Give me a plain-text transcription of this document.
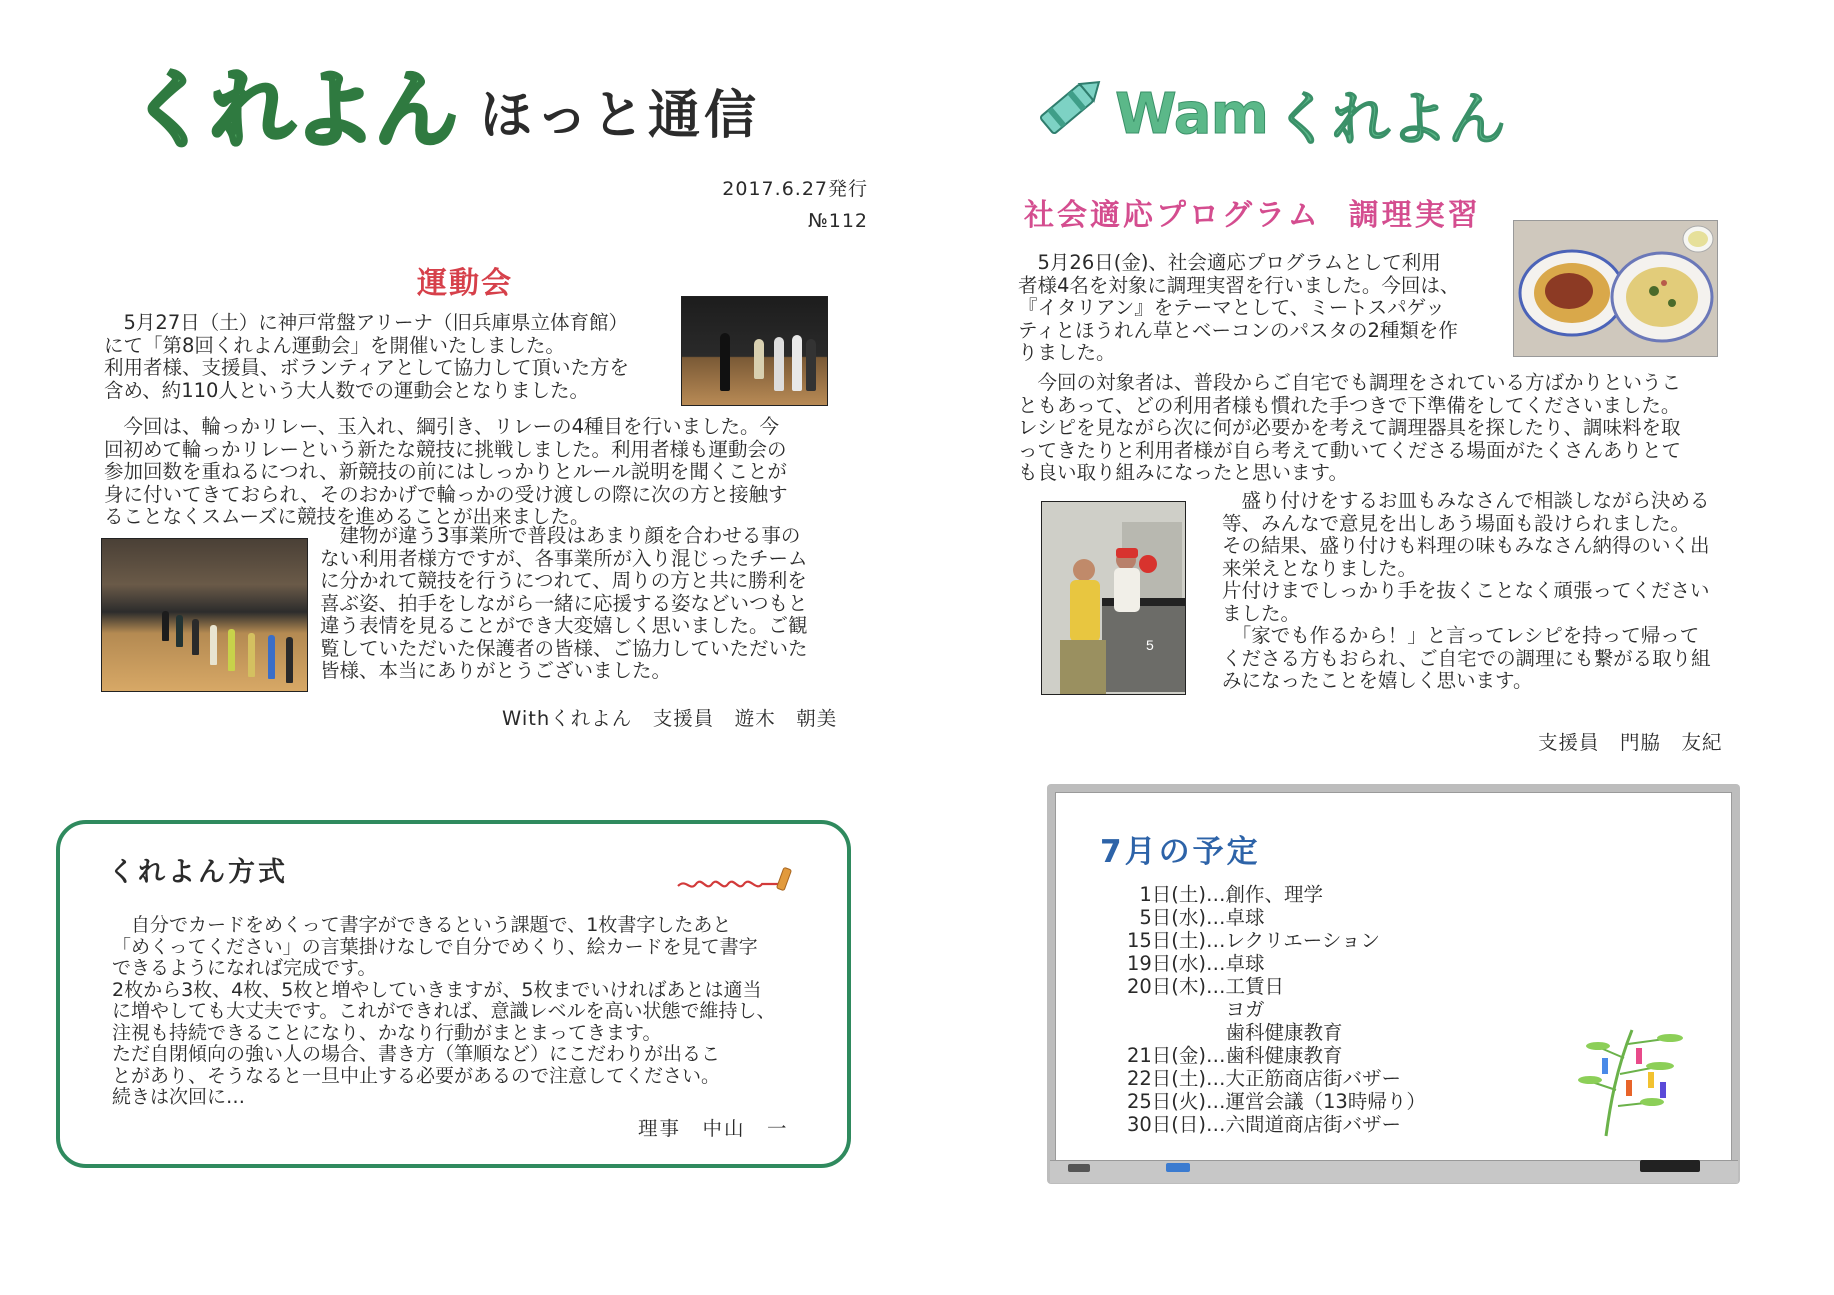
くれよん ほっと通信
2017.6.27発行
№112
運動会
　5月27日（土）に神戸常盤アリーナ（旧兵庫県立体育館）
にて「第8回くれよん運動会」を開催いたしました。
利用者様、支援員、ボランティアとして協力して頂いた方を
含め、約110人という大人数での運動会となりました。
　今回は、輪っかリレー、玉入れ、綱引き、リレーの4種目を行いました。今
回初めて輪っかリレーという新たな競技に挑戦しました。利用者様も運動会の
参加回数を重ねるにつれ、新競技の前にはしっかりとルール説明を聞くことが
身に付いてきておられ、そのおかげで輪っかの受け渡しの際に次の方と接触す
ることなくスムーズに競技を進めることが出来ました。
　建物が違う3事業所で普段はあまり顔を合わせる事の
ない利用者様方ですが、各事業所が入り混じったチーム
に分かれて競技を行うにつれて、周りの方と共に勝利を
喜ぶ姿、拍手をしながら一緒に応援する姿などいつもと
違う表情を見ることができ大変嬉しく思いました。ご観
覧していただいた保護者の皆様、ご協力していただいた
皆様、本当にありがとうございました。
Withくれよん　支援員　遊木　朝美
くれよん方式
　自分でカードをめくって書字ができるという課題で、1枚書字したあと
「めくってください」の言葉掛けなしで自分でめくり、絵カードを見て書字
できるようになれば完成です。
2枚から3枚、4枚、5枚と増やしていきますが、5枚までいければあとは適当
に増やしても大丈夫です。これができれば、意識レベルを高い状態で維持し、
注視も持続できることになり、かなり行動がまとまってきます。
ただ自閉傾向の強い人の場合、書き方（筆順など）にこだわりが出るこ
とがあり、そうなると一旦中止する必要があるので注意してください。
続きは次回に…
理事　中山　一
Wam くれよん
社会適応プログラム 調理実習
　5月26日(金)、社会適応プログラムとして利用
者様4名を対象に調理実習を行いました。今回は、
『イタリアン』をテーマとして、ミートスパゲッ
ティとほうれん草とベーコンのパスタの2種類を作
りました。
　今回の対象者は、普段からご自宅でも調理をされている方ばかりというこ
ともあって、どの利用者様も慣れた手つきで下準備をしてくださいました。
レシピを見ながら次に何が必要かを考えて調理器具を探したり、調味料を取
ってきたりと利用者様が自ら考えて動いてくださる場面がたくさんありとて
も良い取り組みになったと思います。
5
　盛り付けをするお皿もみなさんで相談しながら決める
等、みんなで意見を出しあう場面も設けられました。
その結果、盛り付けも料理の味もみなさん納得のいく出
来栄えとなりました。
片付けまでしっかり手を抜くことなく頑張ってください
ました。
　「家でも作るから！」と言ってレシピを持って帰って
くださる方もおられ、ご自宅での調理にも繋がる取り組
みになったことを嬉しく思います。
支援員　門脇　友紀
7月の予定
1日(土) …創作、理学
5日(水) …卓球
15日(土) …レクリエーション
19日(水) …卓球
20日(木) …工賃日
　ヨガ
　歯科健康教育
21日(金) …歯科健康教育
22日(土) …大正筋商店街バザー
25日(火) …運営会議（13時帰り）
30日(日) …六間道商店街バザー
